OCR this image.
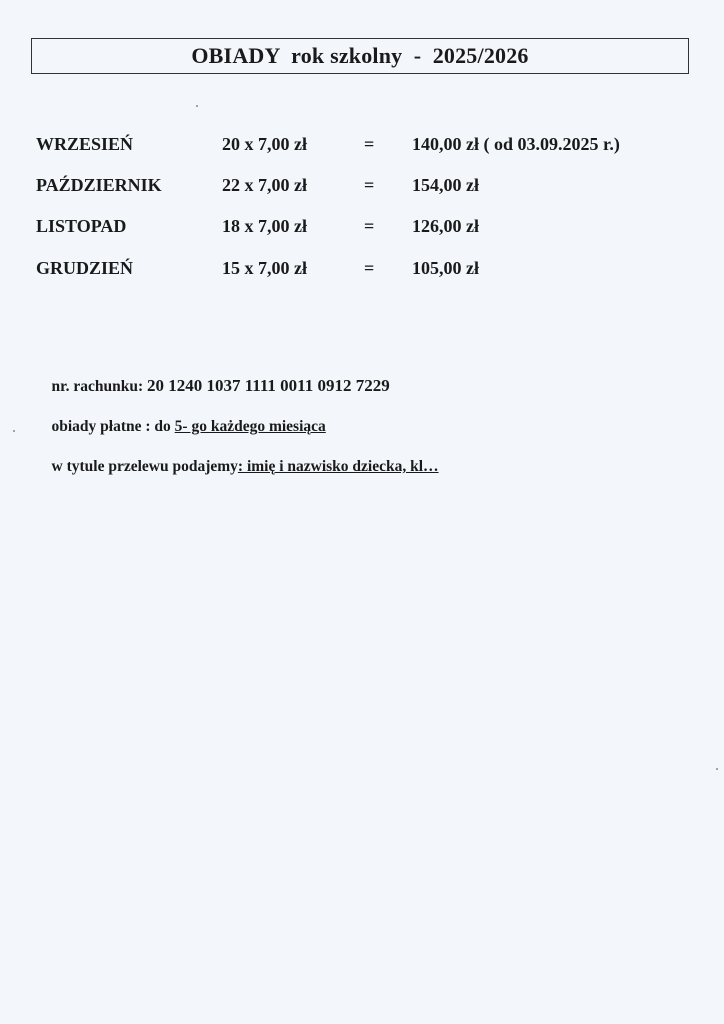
OBIADY  rok szkolny  -  2025/2026
WRZESIEŃ	20 x 7,00 zł	= 140,00 zł ( od 03.09.2025 r.)
PAŹDZIERNIK	22 x 7,00 zł	= 154,00 zł
LISTOPAD	18 x 7,00 zł	= 126,00 zł
GRUDZIEŃ	15 x 7,00 zł	= 105,00 zł

nr. rachunku: 20 1240 1037 1111 0011 0912 7229

obiady płatne : do 5- go każdego miesiąca

w tytule przelewu podajemy: imię i nazwisko dziecka, kl…
